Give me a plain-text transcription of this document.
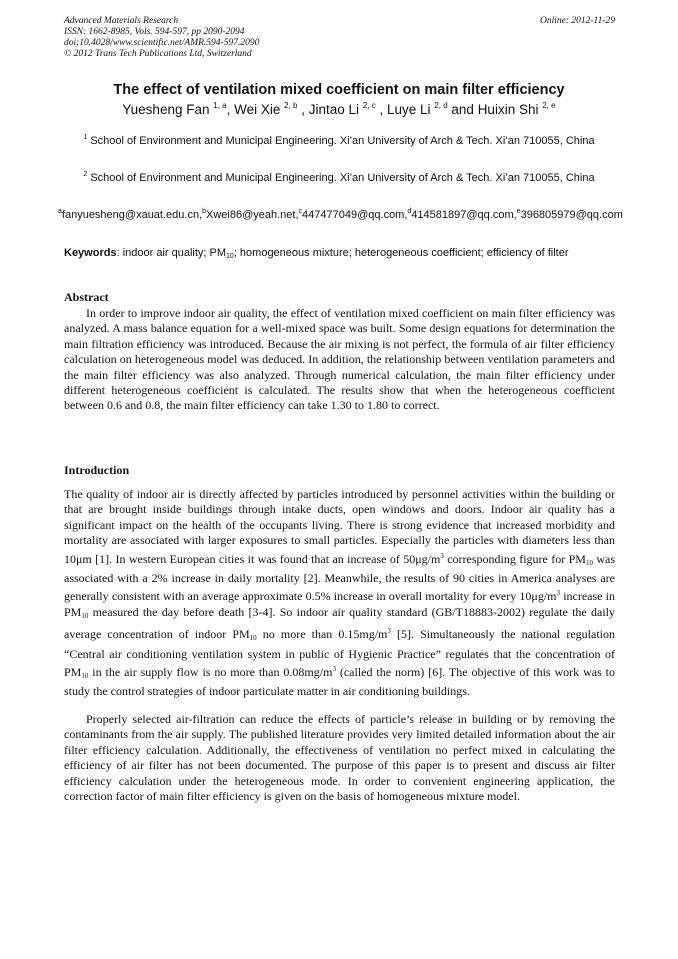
Advanced Materials Research
ISSN: 1662-8985, Vols. 594-597, pp 2090-2094
doi:10.4028/www.scientific.net/AMR.594-597.2090
© 2012 Trans Tech Publications Ltd, Switzerland
Online: 2012-11-29
The effect of ventilation mixed coefficient on main filter efficiency
Yuesheng Fan $^{1, a}$, Wei Xie $^{2, b}$ , Jintao Li $^{2, c}$ , Luye Li $^{2, d}$ and Huixin Shi $^{2, e}$
$^1$ School of Environment and Municipal Engineering. Xi’an University of Arch & Tech. Xi’an 710055, China
$^2$ School of Environment and Municipal Engineering. Xi’an University of Arch & Tech. Xi’an 710055, China
$^a$fanyuesheng@xauat.edu.cn,$^b$Xwei86@yeah.net,$^c$447477049@qq.com,$^d$414581897@qq.com,$^e$396805979@qq.com
Keywords: indoor air quality; $PM_{10}$; homogeneous mixture; heterogeneous coefficient; efficiency of filter
Abstract
In order to improve indoor air quality, the effect of ventilation mixed coefficient on main filter efficiency was analyzed. A mass balance equation for a well-mixed space was built. Some design equations for determination the main filtration efficiency was introduced. Because the air mixing is not perfect, the formula of air filter efficiency calculation on heterogeneous model was deduced. In addition, the relationship between ventilation parameters and the main filter efficiency was also analyzed. Through numerical calculation, the main filter efficiency under different heterogeneous coefficient is calculated. The results show that when the heterogeneous coefficient between 0.6 and 0.8, the main filter efficiency can take 1.30 to 1.80 to correct.
Introduction
The quality of indoor air is directly affected by particles introduced by personnel activities within the building or that are brought inside buildings through intake ducts, open windows and doors. Indoor air quality has a significant impact on the health of the occupants living. There is strong evidence that increased morbidity and mortality are associated with larger exposures to small particles. Especially the particles with diameters less than 10μm [1]. In western European cities it was found that an increase of $50\mu g/m^3$ corresponding figure for $PM_{10}$ was associated with a 2% increase in daily mortality [2]. Meanwhile, the results of 90 cities in America analyses are generally consistent with an average approximate 0.5% increase in overall mortality for every $10\mu g/m^3$ increase in $PM_{10}$ measured the day before death [3-4]. So indoor air quality standard (GB/T18883-2002) regulate the daily average concentration of indoor $PM_{10}$ no more than $0.15mg/m^3$ [5]. Simultaneously the national regulation “Central air conditioning ventilation system in public of Hygienic Practice” regulates that the concentration of $PM_{10}$ in the air supply flow is no more than $0.08mg/m^3$ (called the norm) [6]. The objective of this work was to study the control strategies of indoor particulate matter in air conditioning buildings.
Properly selected air-filtration can reduce the effects of particle’s release in building or by removing the contaminants from the air supply. The published literature provides very limited detailed information about the air filter efficiency calculation. Additionally, the effectiveness of ventilation no perfect mixed in calculating the efficiency of air filter has not been documented. The purpose of this paper is to present and discuss air filter efficiency calculation under the heterogeneous mode. In order to convenient engineering application, the correction factor of main filter efficiency is given on the basis of homogeneous mixture model.
